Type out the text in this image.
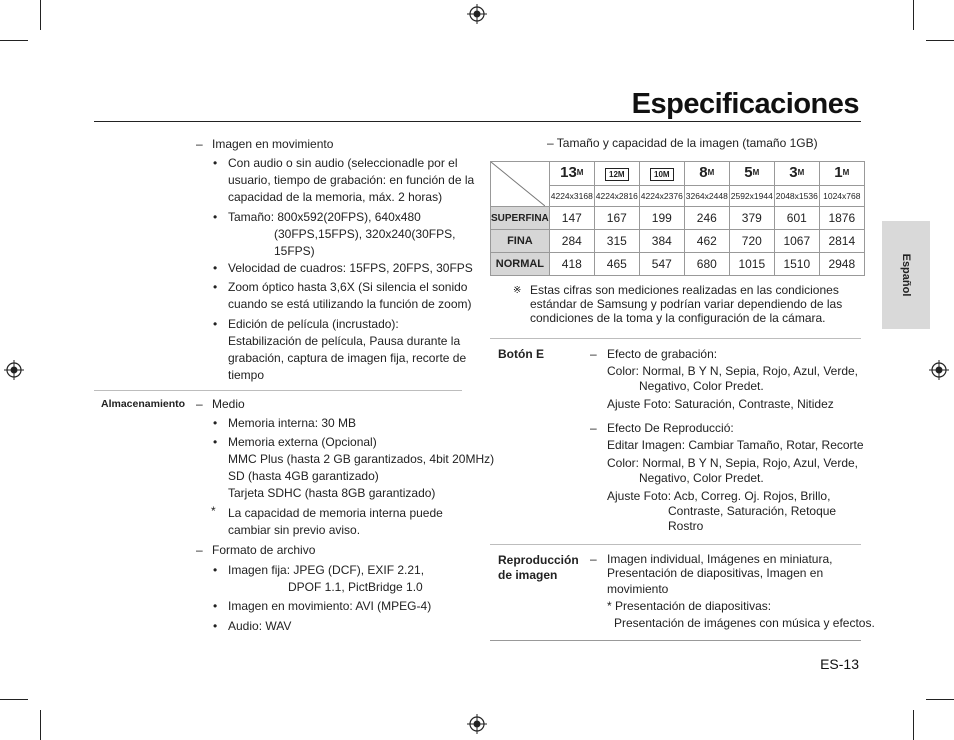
Especificaciones
Español
– Imagen en movimiento
• Con audio o sin audio (seleccionadle por el
usuario, tiempo de grabación: en función de la
capacidad de la memoria, máx. 2 horas)
• Tamaño: 800x592(20FPS), 640x480
(30FPS,15FPS), 320x240(30FPS,
15FPS)
• Velocidad de cuadros: 15FPS, 20FPS, 30FPS
• Zoom óptico hasta 3,6X (Si silencia el sonido
cuando se está utilizando la función de zoom)
• Edición de película (incrustado):
Estabilización de película, Pausa durante la
grabación, captura de imagen fija, recorte de
tiempo
Almacenamiento – Medio
• Memoria interna: 30 MB
• Memoria externa (Opcional)
MMC Plus (hasta 2 GB garantizados, 4bit 20MHz)
SD (hasta 4GB garantizado)
Tarjeta SDHC (hasta 8GB garantizado)
* La capacidad de memoria interna puede
cambiar sin previo aviso.
– Formato de archivo
• Imagen fija: JPEG (DCF), EXIF 2.21,
DPOF 1.1, PictBridge 1.0
• Imagen en movimiento: AVI (MPEG-4)
• Audio: WAV
– Tamaño y capacidad de la imagen (tamaño 1GB)
	$13^M$	12M	10M	$8^M$	$5^M$	$3^M$	$1^M$
	4224x3168	4224x2816	4224x2376	3264x2448	2592x1944	2048x1536	1024x768
SUPERFINA	147	167	199	246	379	601	1876
FINA	284	315	384	462	720	1067	2814
NORMAL	418	465	547	680	1015	1510	2948
※ Estas cifras son mediciones realizadas en las condiciones
estándar de Samsung y podrían variar dependiendo de las
condiciones de la toma y la configuración de la cámara.
Botón E	– Efecto de grabación:
Color: Normal, B Y N, Sepia, Rojo, Azul, Verde,
Negativo, Color Predet.
Ajuste Foto: Saturación, Contraste, Nitidez
– Efecto De Reproducció:
Editar Imagen: Cambiar Tamaño, Rotar, Recorte
Color: Normal, B Y N, Sepia, Rojo, Azul, Verde,
Negativo, Color Predet.
Ajuste Foto: Acb, Correg. Oj. Rojos, Brillo,
Contraste, Saturación, Retoque
Rostro
Reproducción
de imagen
– Imagen individual, Imágenes en miniatura,
Presentación de diapositivas, Imagen en
movimiento
* Presentación de diapositivas:
Presentación de imágenes con música y efectos.
ES-13
